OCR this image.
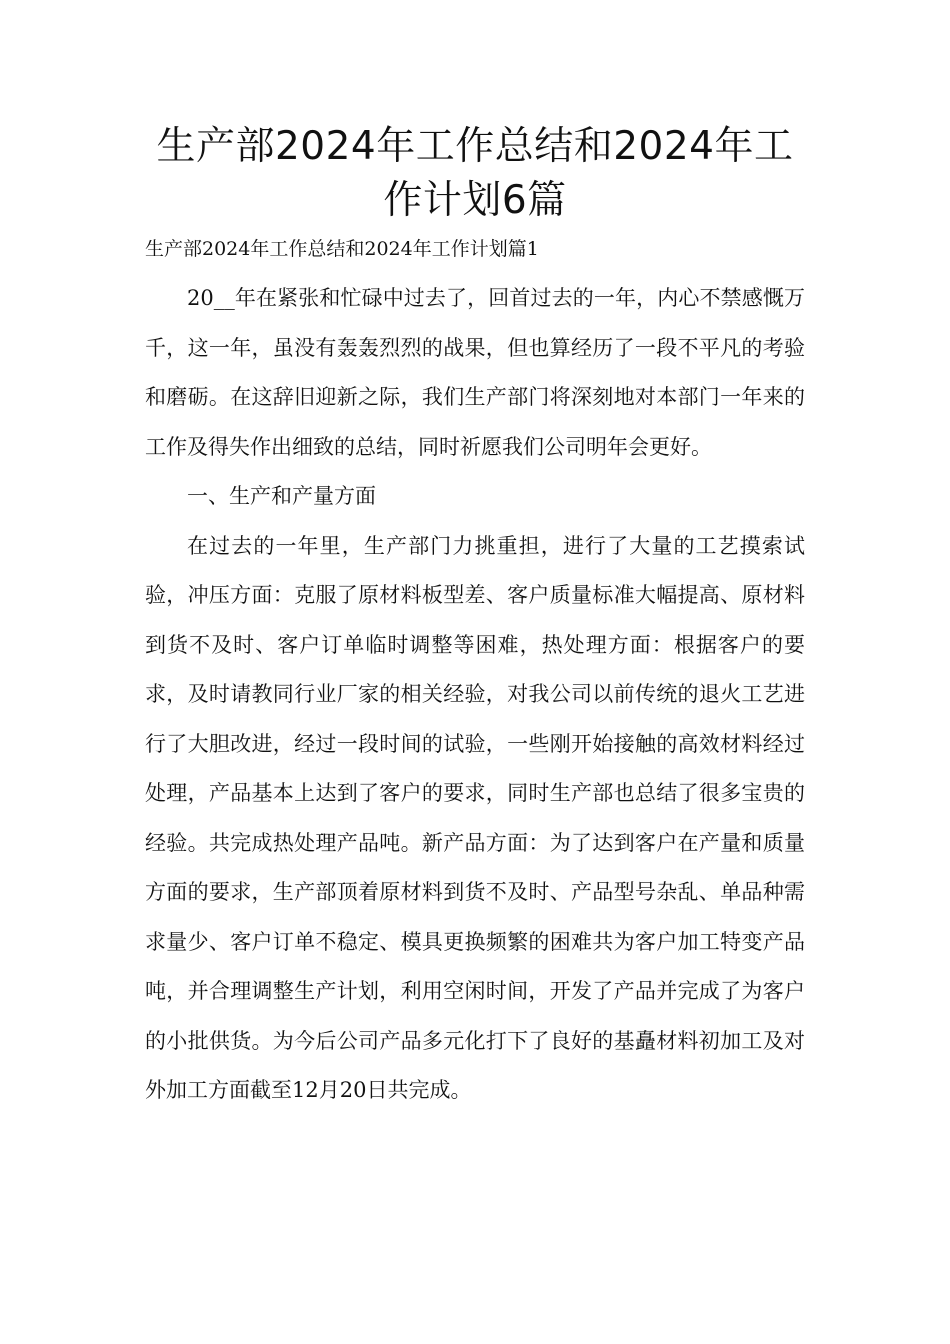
生产部2024年工作总结和2024年工作计划6篇
生产部2024年工作总结和2024年工作计划篇1

20__年在紧张和忙碌中过去了，回首过去的一年，内心不禁感慨万千，这一年，虽没有轰轰烈烈的战果，但也算经历了一段不平凡的考验和磨砺。在这辞旧迎新之际，我们生产部门将深刻地对本部门一年来的工作及得失作出细致的总结，同时祈愿我们公司明年会更好。

一、生产和产量方面

在过去的一年里，生产部门力挑重担，进行了大量的工艺摸索试验，冲压方面：克服了原材料板型差、客户质量标准大幅提高、原材料到货不及时、客户订单临时调整等困难，热处理方面：根据客户的要求，及时请教同行业厂家的相关经验，对我公司以前传统的退火工艺进行了大胆改进，经过一段时间的试验，一些刚开始接触的高效材料经过处理，产品基本上达到了客户的要求，同时生产部也总结了很多宝贵的经验。共完成热处理产品吨。新产品方面：为了达到客户在产量和质量方面的要求，生产部顶着原材料到货不及时、产品型号杂乱、单品种需求量少、客户订单不稳定、模具更换频繁的困难共为客户加工特变产品吨，并合理调整生产计划，利用空闲时间，开发了产品并完成了为客户的小批供货。为今后公司产品多元化打下了良好的基矗材料初加工及对外加工方面截至12月20日共完成。
